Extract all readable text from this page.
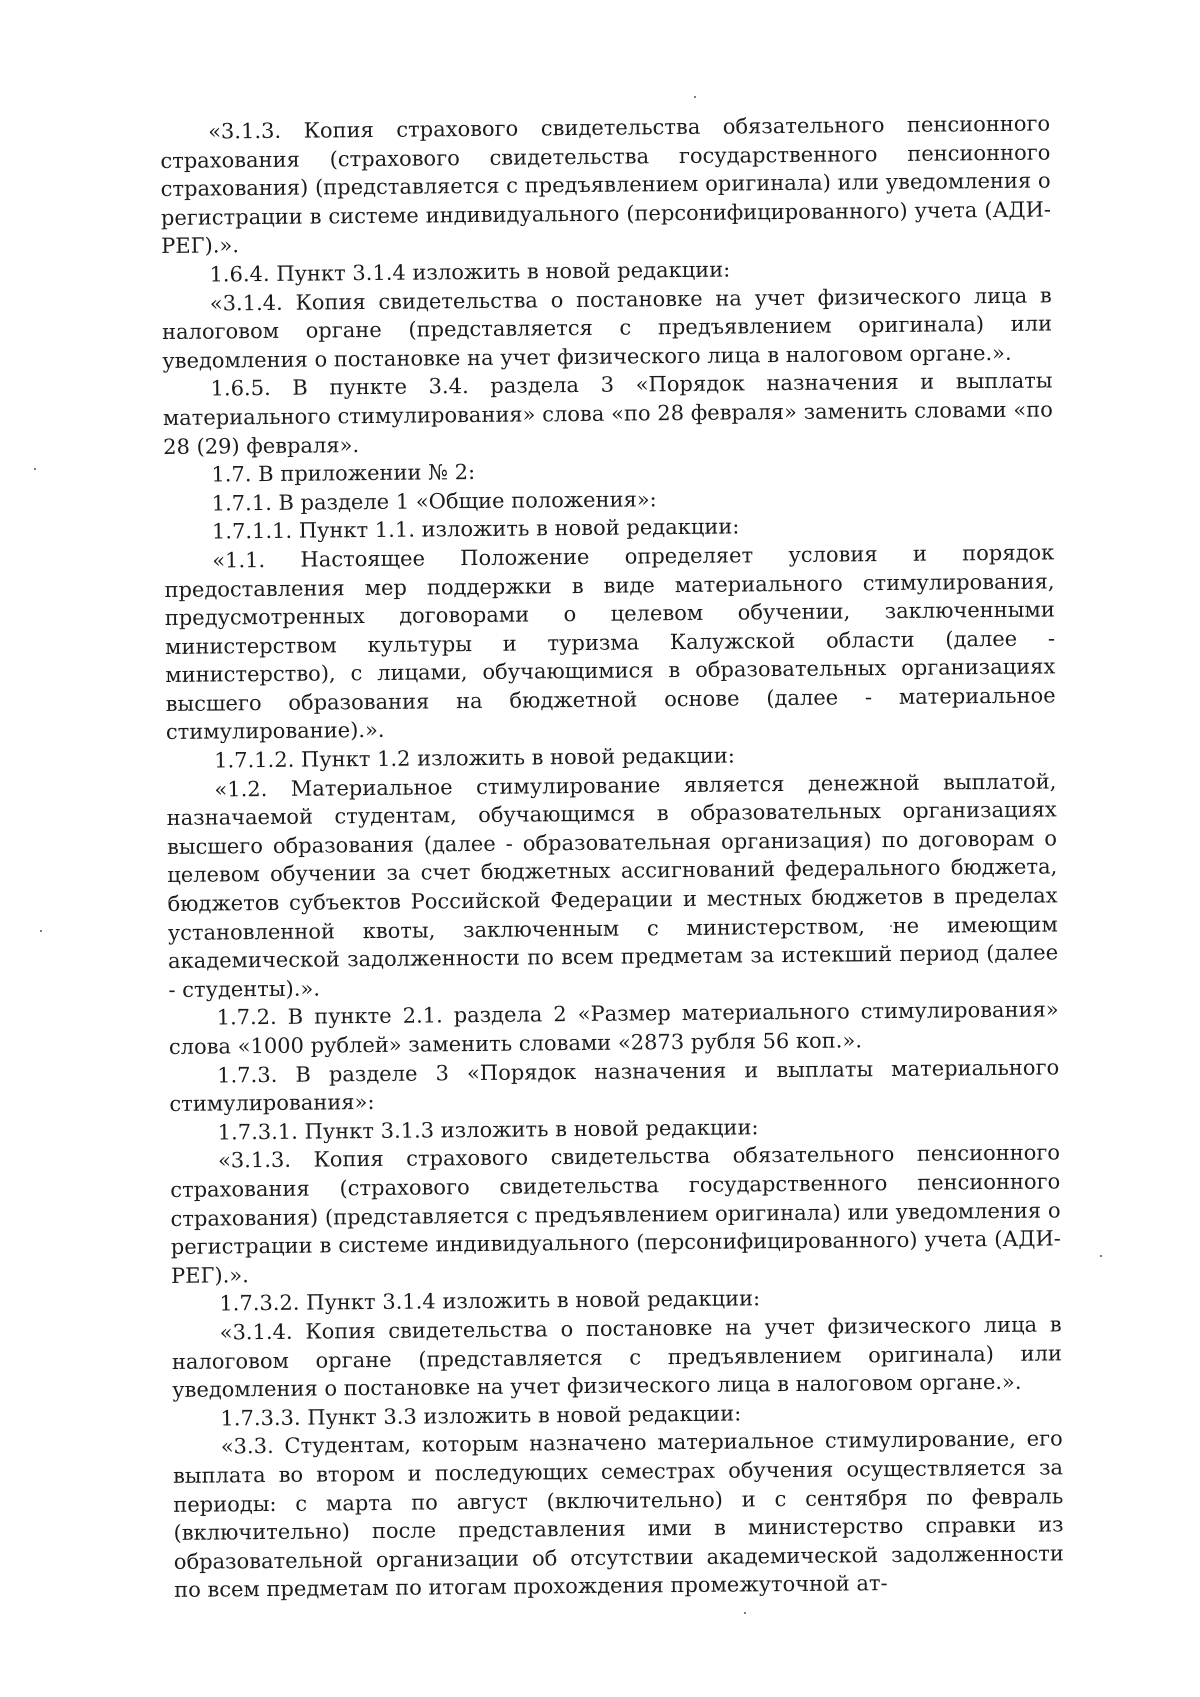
«3.1.3. Копия страхового свидетельства обязательного пенсионного страхования (страхового свидетельства государственного пенсионного страхования) (представляется с предъявлением оригинала) или уведомления о регистрации в системе индивидуального (персонифицированного) учета (АДИ-РЕГ).».

1.6.4. Пункт 3.1.4 изложить в новой редакции:

«3.1.4. Копия свидетельства о постановке на учет физического лица в налоговом органе (представляется с предъявлением оригинала) или уведомления о постановке на учет физического лица в налоговом органе.».

1.6.5. В пункте 3.4. раздела 3 «Порядок назначения и выплаты материального стимулирования» слова «по 28 февраля» заменить словами «по 28 (29) февраля».

1.7. В приложении № 2:

1.7.1. В разделе 1 «Общие положения»:

1.7.1.1. Пункт 1.1. изложить в новой редакции:

«1.1. Настоящее Положение определяет условия и порядок предоставления мер поддержки в виде материального стимулирования, предусмотренных договорами о целевом обучении, заключенными министерством культуры и туризма Калужской области (далее - министерство), с лицами, обучающимися в образовательных организациях высшего образования на бюджетной основе (далее - материальное стимулирование).».

1.7.1.2. Пункт 1.2 изложить в новой редакции:

«1.2. Материальное стимулирование является денежной выплатой, назначаемой студентам, обучающимся в образовательных организациях высшего образования (далее - образовательная организация) по договорам о целевом обучении за счет бюджетных ассигнований федерального бюджета, бюджетов субъектов Российской Федерации и местных бюджетов в пределах установленной квоты, заключенным с министерством, не имеющим академической задолженности по всем предметам за истекший период (далее - студенты).».

1.7.2. В пункте 2.1. раздела 2 «Размер материального стимулирования» слова «1000 рублей» заменить словами «2873 рубля 56 коп.».

1.7.3. В разделе 3 «Порядок назначения и выплаты материального стимулирования»:

1.7.3.1. Пункт 3.1.3 изложить в новой редакции:

«3.1.3. Копия страхового свидетельства обязательного пенсионного страхования (страхового свидетельства государственного пенсионного страхования) (представляется с предъявлением оригинала) или уведомления о регистрации в системе индивидуального (персонифицированного) учета (АДИ-РЕГ).».

1.7.3.2. Пункт 3.1.4 изложить в новой редакции:

«3.1.4. Копия свидетельства о постановке на учет физического лица в налоговом органе (представляется с предъявлением оригинала) или уведомления о постановке на учет физического лица в налоговом органе.».

1.7.3.3. Пункт 3.3 изложить в новой редакции:

«3.3. Студентам, которым назначено материальное стимулирование, его выплата во втором и последующих семестрах обучения осуществляется за периоды: с марта по август (включительно) и с сентября по февраль (включительно) после представления ими в министерство справки из образовательной организации об отсутствии академической задолженности по всем предметам по итогам прохождения промежуточной ат-
